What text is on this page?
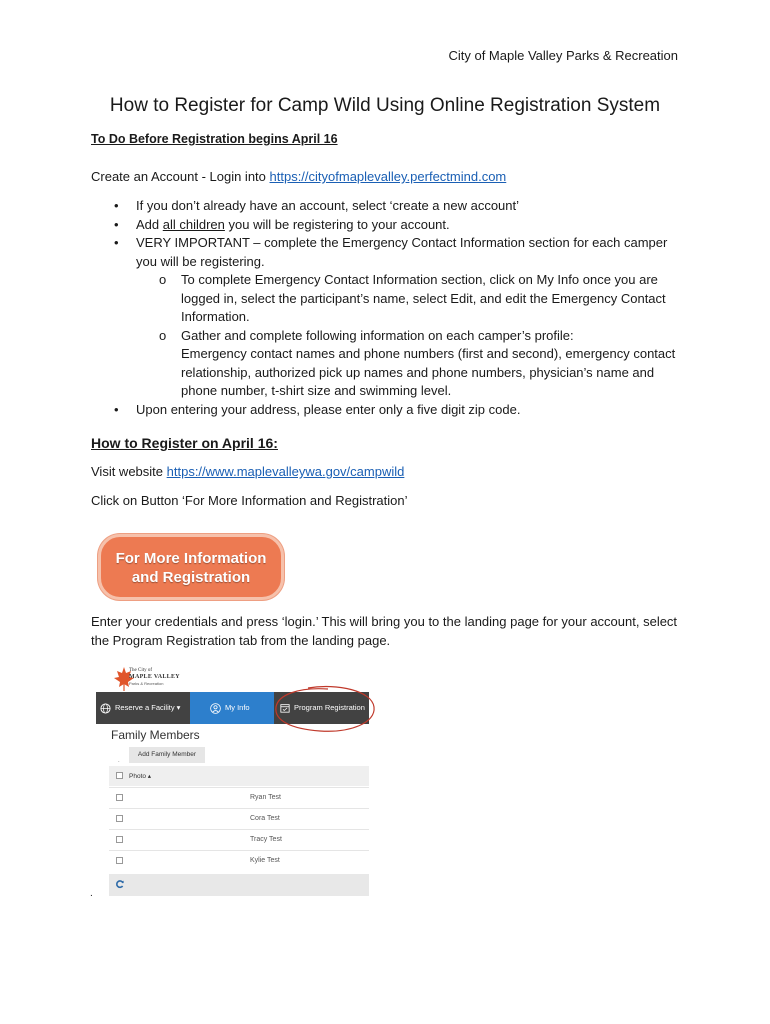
City of Maple Valley Parks & Recreation
How to Register for Camp Wild Using Online Registration System
To Do Before Registration begins April 16

Create an Account - Login into https://cityofmaplevalley.perfectmind.com

• If you don’t already have an account, select ‘create a new account’
• Add all children you will be registering to your account.
• VERY IMPORTANT – complete the Emergency Contact Information section for each camper you will be registering.
o To complete Emergency Contact Information section, click on My Info once you are logged in, select the participant’s name, select Edit, and edit the Emergency Contact Information.
o Gather and complete following information on each camper’s profile:
Emergency contact names and phone numbers (first and second), emergency contact relationship, authorized pick up names and phone numbers, physician’s name and phone number, t-shirt size and swimming level.
• Upon entering your address, please enter only a five digit zip code.
How to Register on April 16:

Visit website https://www.maplevalleywa.gov/campwild

Click on Button ‘For More Information and Registration’

For More Information
and Registration

Enter your credentials and press ‘login.’ This will bring you to the landing page for your account, select the Program Registration tab from the landing page.

The City of
MAPLE VALLEY
Parks & Recreation
Reserve a Facility ▾	My Info	Program Registration
Family Members
.
Add Family Member
Photo ▴
Ryan Test
Cora Test
Tracy Test
Kylie Test
.
